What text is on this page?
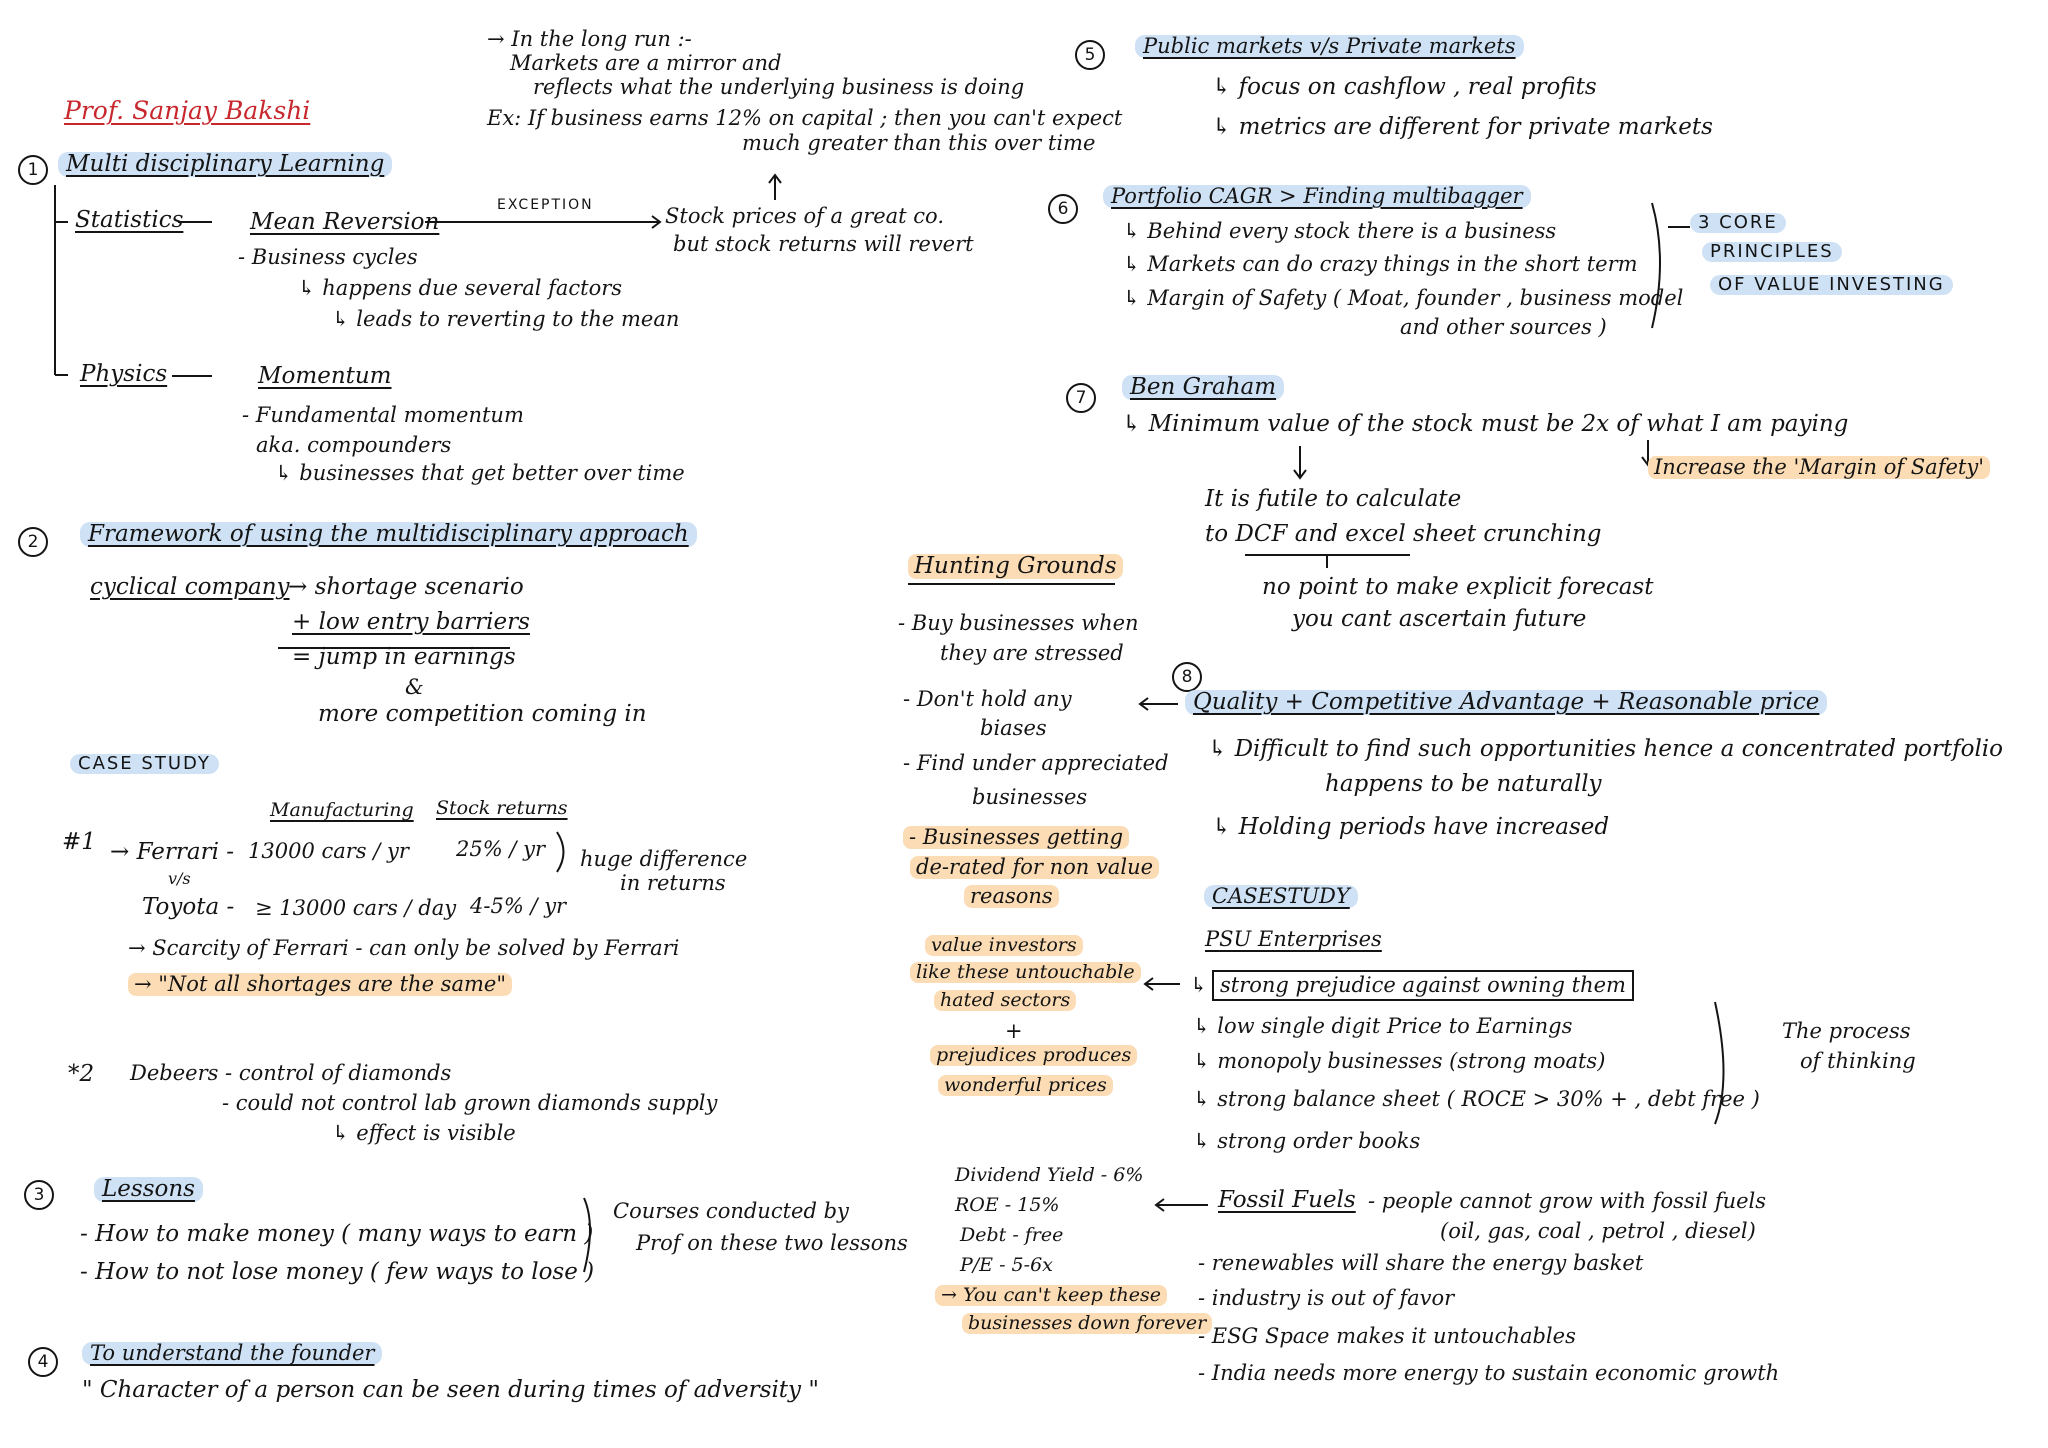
Prof. Sanjay Bakshi
→ In the long run :-
Markets are a mirror and
reflects what the underlying business is doing
Ex: If business earns 12% on capital ; then you can't expect
much greater than this over time
1	Multi disciplinary Learning
Statistics	Mean Reversion
EXCEPTION	Stock prices of a great co.
but stock returns will revert
- Business cycles
↳ happens due several factors
↳ leads to reverting to the mean
Physics	Momentum
- Fundamental momentum
aka. compounders
↳ businesses that get better over time
2	Framework of using the multidisciplinary approach
cyclical company
→ shortage scenario
+ low entry barriers
= jump in earnings
&
more competition coming in
CASE STUDY
Manufacturing Stock returns
#1 → Ferrari - 13000 cars / yr 25% / yr
v/s
Toyota - ≥ 13000 cars / day 4-5% / yr
huge difference
in returns
→ Scarcity of Ferrari - can only be solved by Ferrari
→ "Not all shortages are the same"
*2 Debeers - control of diamonds
- could not control lab grown diamonds supply
↳ effect is visible
3	Lessons
- How to make money ( many ways to earn )
- How to not lose money ( few ways to lose )
Courses conducted by
Prof on these two lessons
4	To understand the founder
" Character of a person can be seen during times of adversity "
5	Public markets v/s Private markets
↳ focus on cashflow , real profits
↳ metrics are different for private markets
6
Portfolio CAGR > Finding multibagger
↳ Behind every stock there is a business
↳ Markets can do crazy things in the short term
↳ Margin of Safety ( Moat, founder , business model
and other sources )
3 CORE
PRINCIPLES
OF VALUE INVESTING
7	Ben Graham
↳ Minimum value of the stock must be 2x of what I am paying
Increase the 'Margin of Safety'
It is futile to calculate
to DCF and excel sheet crunching
no point to make explicit forecast
you cant ascertain future
Hunting Grounds
- Buy businesses when
they are stressed
- Don't hold any
biases
- Find under appreciated
businesses
- Businesses getting
de-rated for non value
reasons
8
Quality + Competitive Advantage + Reasonable price
↳ Difficult to find such opportunities hence a concentrated portfolio
happens to be naturally
↳ Holding periods have increased
CASESTUDY
PSU Enterprises
↳ strong prejudice against owning them
↳ low single digit Price to Earnings
↳ monopoly businesses (strong moats)
↳ strong balance sheet ( ROCE > 30% + , debt free )
↳ strong order books
The process
of thinking
value investors
like these untouchable
hated sectors
+
prejudices produces
wonderful prices
Dividend Yield - 6%
ROE - 15%
Debt - free
P/E - 5-6x
→ You can't keep these
businesses down forever
Fossil Fuels - people cannot grow with fossil fuels
(oil, gas, coal , petrol , diesel)
- renewables will share the energy basket
- industry is out of favor
- ESG Space makes it untouchables
- India needs more energy to sustain economic growth
